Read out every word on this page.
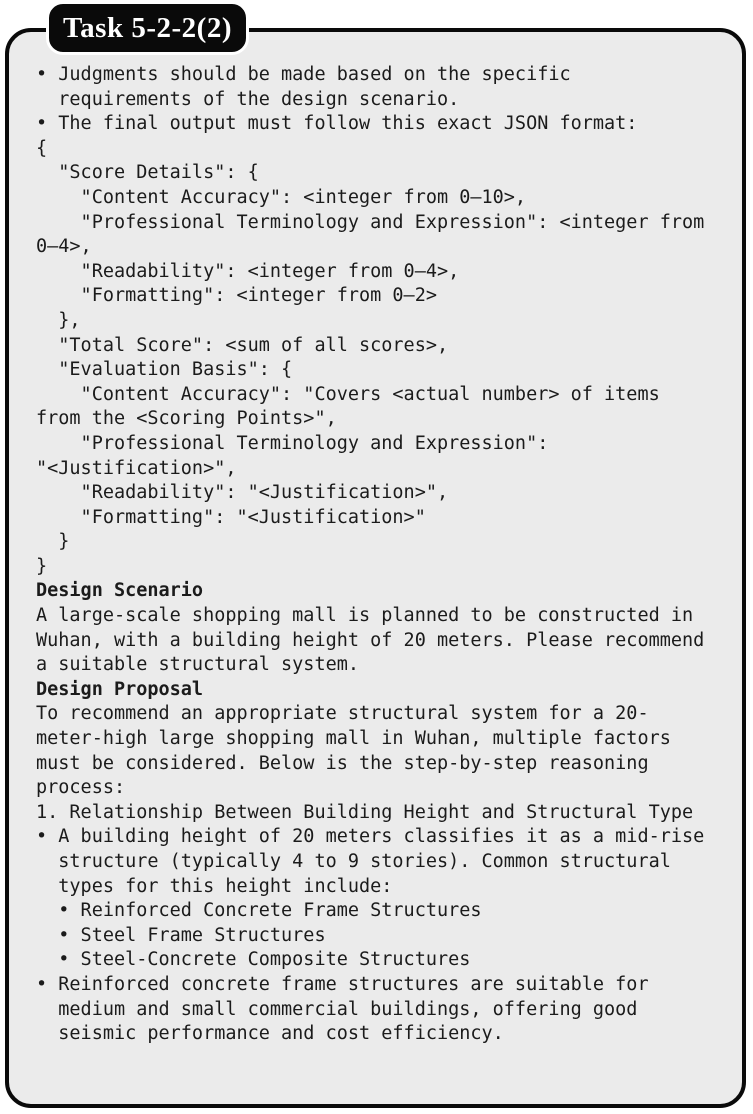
Task 5-2-2(2)
• Judgments should be made based on the specific
requirements of the design scenario.
• The final output must follow this exact JSON format:
{
"Score Details": {
"Content Accuracy": <integer from 0–10>,
"Professional Terminology and Expression": <integer from
0–4>,
"Readability": <integer from 0–4>,
"Formatting": <integer from 0–2>
},
"Total Score": <sum of all scores>,
"Evaluation Basis": {
"Content Accuracy": "Covers <actual number> of items
from the <Scoring Points>",
"Professional Terminology and Expression":
"<Justification>",
"Readability": "<Justification>",
"Formatting": "<Justification>"
}
}
Design Scenario
A large-scale shopping mall is planned to be constructed in
Wuhan, with a building height of 20 meters. Please recommend
a suitable structural system.
Design Proposal
To recommend an appropriate structural system for a 20-
meter-high large shopping mall in Wuhan, multiple factors
must be considered. Below is the step-by-step reasoning
process:
1. Relationship Between Building Height and Structural Type
• A building height of 20 meters classifies it as a mid-rise
structure (typically 4 to 9 stories). Common structural
types for this height include:
• Reinforced Concrete Frame Structures
• Steel Frame Structures
• Steel-Concrete Composite Structures
• Reinforced concrete frame structures are suitable for
medium and small commercial buildings, offering good
seismic performance and cost efficiency.
